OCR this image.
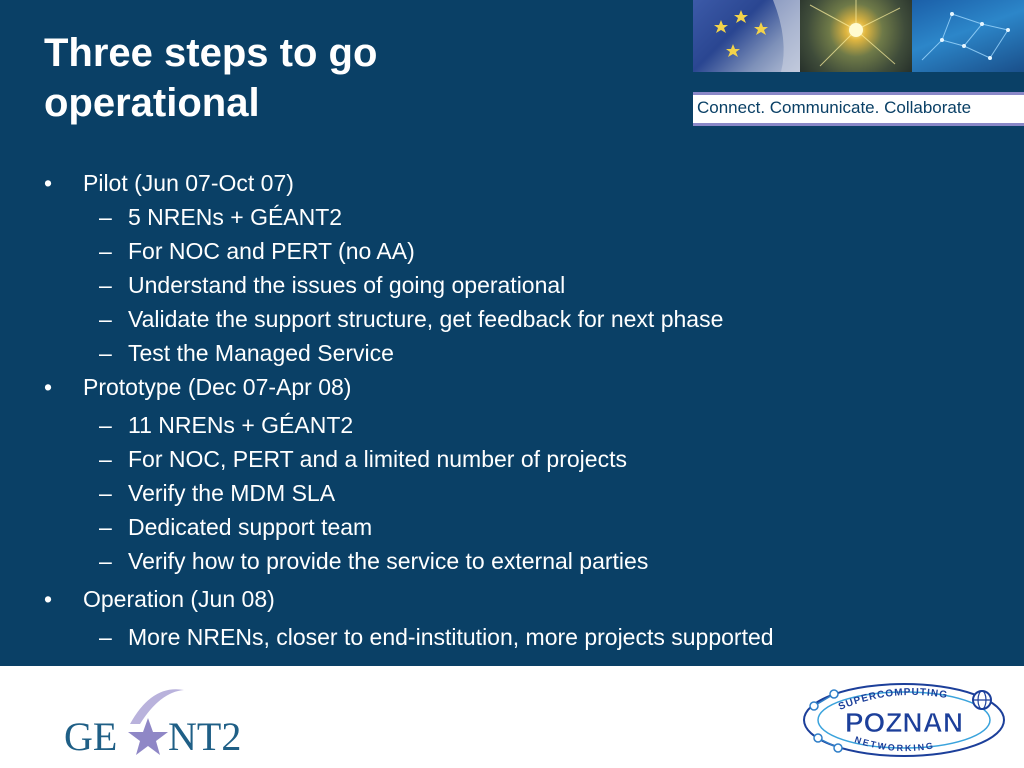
Three steps to go operational	Connect. Communicate. Collaborate
• Pilot (Jun 07-Oct 07)
– 5 NRENs + GÉANT2
– For NOC and PERT (no AA)
– Understand the issues of going operational
– Validate the support structure, get feedback for next phase
– Test the Managed Service
• Prototype (Dec 07-Apr 08)
– 11 NRENs + GÉANT2
– For NOC, PERT and a limited number of projects
– Verify the MDM SLA
– Dedicated support team
– Verify how to provide the service to external parties
• Operation (Jun 08)
– More NRENs, closer to end-institution, more projects supported
GE NT2
SUPERCOMPUTING
POZNAN
NETWORKING
